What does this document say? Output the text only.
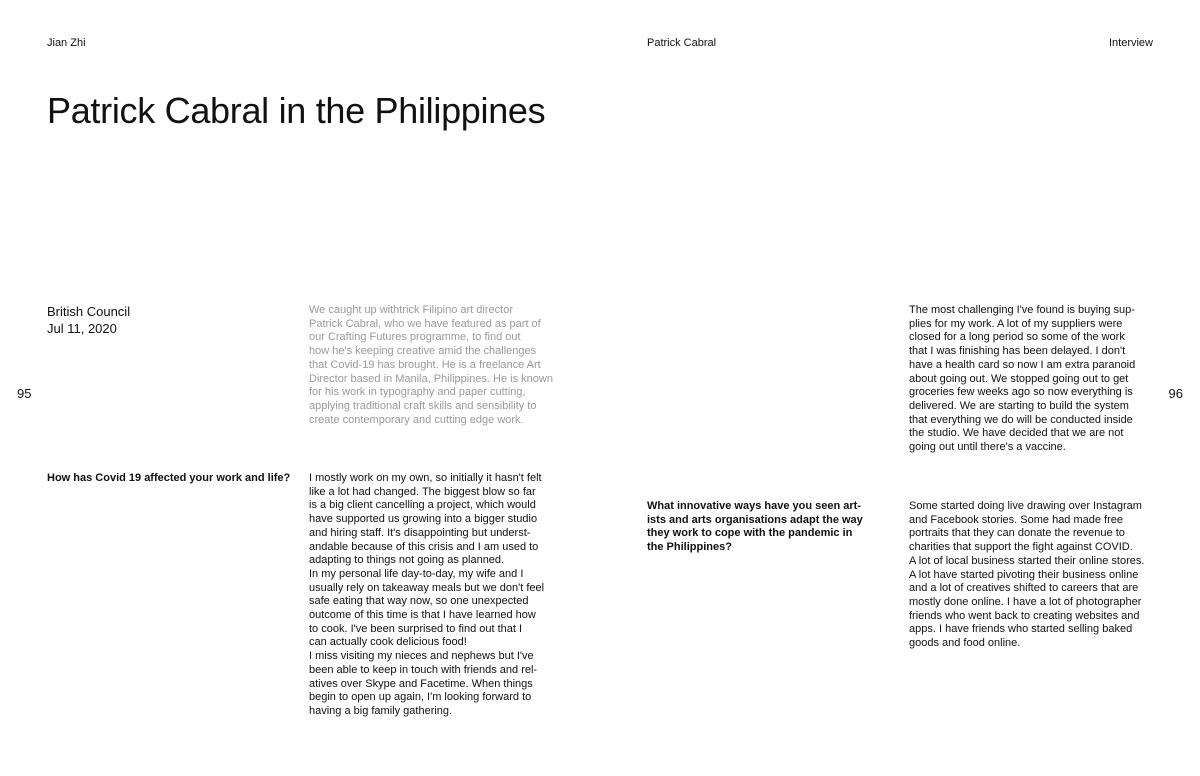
Jian Zhi	Patrick Cabral	Interview
Patrick Cabral in the Philippines
British Council
Jul 11, 2020
95	96
We caught up withtrick Filipino art director
Patrick Cabral, who we have featured as part of
our Crafting Futures programme, to find out
how he's keeping creative amid the challenges
that Covid-19 has brought. He is a freelance Art
Director based in Manila, Philippines. He is known
for his work in typography and paper cutting,
applying traditional craft skills and sensibility to
create contemporary and cutting edge work.
How has Covid 19 affected your work and life?	I mostly work on my own, so initially it hasn't felt
like a lot had changed. The biggest blow so far
is a big client cancelling a project, which would
have supported us growing into a bigger studio
and hiring staff. It's disappointing but underst-
andable because of this crisis and I am used to
adapting to things not going as planned.
In my personal life day-to-day, my wife and I
usually rely on takeaway meals but we don't feel
safe eating that way now, so one unexpected
outcome of this time is that I have learned how
to cook. I've been surprised to find out that I
can actually cook delicious food!
I miss visiting my nieces and nephews but I've
been able to keep in touch with friends and rel-
atives over Skype and Facetime. When things
begin to open up again, I'm looking forward to
having a big family gathering.
The most challenging I've found is buying sup-
plies for my work. A lot of my suppliers were
closed for a long period so some of the work
that I was finishing has been delayed. I don't
have a health card so now I am extra paranoid
about going out. We stopped going out to get
groceries few weeks ago so now everything is
delivered. We are starting to build the system
that everything we do will be conducted inside
the studio. We have decided that we are not
going out until there's a vaccine.
What innovative ways have you seen art-
ists and arts organisations adapt the way
they work to cope with the pandemic in
the Philippines?
Some started doing live drawing over Instagram
and Facebook stories. Some had made free
portraits that they can donate the revenue to
charities that support the fight against COVID.
A lot of local business started their online stores.
A lot have started pivoting their business online
and a lot of creatives shifted to careers that are
mostly done online. I have a lot of photographer
friends who went back to creating websites and
apps. I have friends who started selling baked
goods and food online.
